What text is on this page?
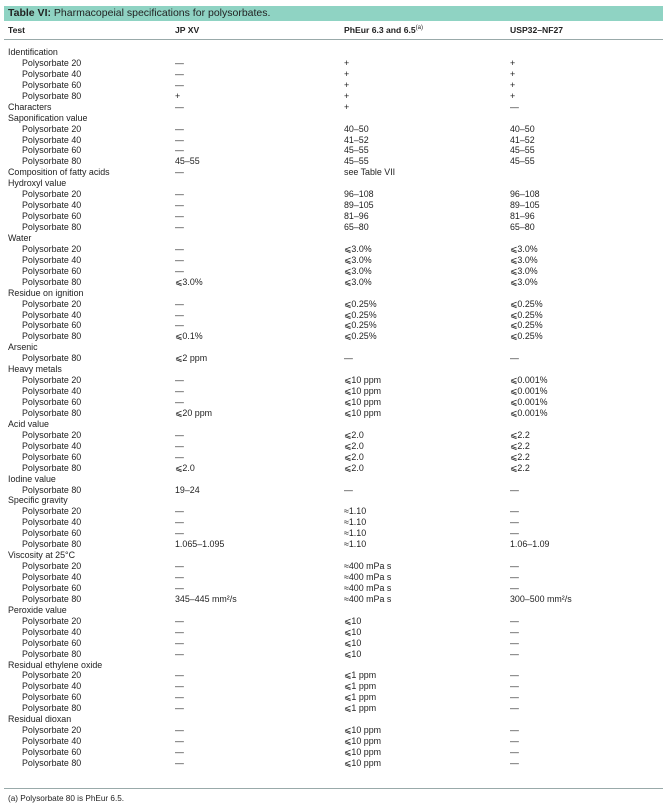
Table VI: Pharmacopeial specifications for polysorbates.
Test	JP XV	PhEur 6.3 and 6.5$^{(a)}$	USP32–NF27
Identification
Polysorbate 20	—	+	+
Polysorbate 40	—	+	+
Polysorbate 60	—	+	+
Polysorbate 80	+	+	+
Characters	—	+	—
Saponification value
Polysorbate 20	—	40–50	40–50
Polysorbate 40	—	41–52	41–52
Polysorbate 60	—	45–55	45–55
Polysorbate 80	45–55	45–55	45–55
Composition of fatty acids	—	see Table VII
Hydroxyl value
Polysorbate 20	—	96–108	96–108
Polysorbate 40	—	89–105	89–105
Polysorbate 60	—	81–96	81–96
Polysorbate 80	—	65–80	65–80
Water
Polysorbate 20	—	⩽3.0%	⩽3.0%
Polysorbate 40	—	⩽3.0%	⩽3.0%
Polysorbate 60	—	⩽3.0%	⩽3.0%
Polysorbate 80	⩽3.0%	⩽3.0%	⩽3.0%
Residue on ignition
Polysorbate 20	—	⩽0.25%	⩽0.25%
Polysorbate 40	—	⩽0.25%	⩽0.25%
Polysorbate 60	—	⩽0.25%	⩽0.25%
Polysorbate 80	⩽0.1%	⩽0.25%	⩽0.25%
Arsenic
Polysorbate 80	⩽2 ppm	—	—
Heavy metals
Polysorbate 20	—	⩽10 ppm	⩽0.001%
Polysorbate 40	—	⩽10 ppm	⩽0.001%
Polysorbate 60	—	⩽10 ppm	⩽0.001%
Polysorbate 80	⩽20 ppm	⩽10 ppm	⩽0.001%
Acid value
Polysorbate 20	—	⩽2.0	⩽2.2
Polysorbate 40	—	⩽2.0	⩽2.2
Polysorbate 60	—	⩽2.0	⩽2.2
Polysorbate 80	⩽2.0	⩽2.0	⩽2.2
Iodine value
Polysorbate 80	19–24	—	—
Specific gravity
Polysorbate 20	—	≈1.10	—
Polysorbate 40	—	≈1.10	—
Polysorbate 60	—	≈1.10	—
Polysorbate 80	1.065–1.095	≈1.10	1.06–1.09
Viscosity at 25°C
Polysorbate 20	—	≈400 mPa s	—
Polysorbate 40	—	≈400 mPa s	—
Polysorbate 60	—	≈400 mPa s	—
Polysorbate 80	345–445 mm²/s	≈400 mPa s	300–500 mm²/s
Peroxide value
Polysorbate 20	—	⩽10	—
Polysorbate 40	—	⩽10	—
Polysorbate 60	—	⩽10	—
Polysorbate 80	—	⩽10	—
Residual ethylene oxide
Polysorbate 20	—	⩽1 ppm	—
Polysorbate 40	—	⩽1 ppm	—
Polysorbate 60	—	⩽1 ppm	—
Polysorbate 80	—	⩽1 ppm	—
Residual dioxan
Polysorbate 20	—	⩽10 ppm	—
Polysorbate 40	—	⩽10 ppm	—
Polysorbate 60	—	⩽10 ppm	—
Polysorbate 80	—	⩽10 ppm	—
(a) Polysorbate 80 is PhEur 6.5.
